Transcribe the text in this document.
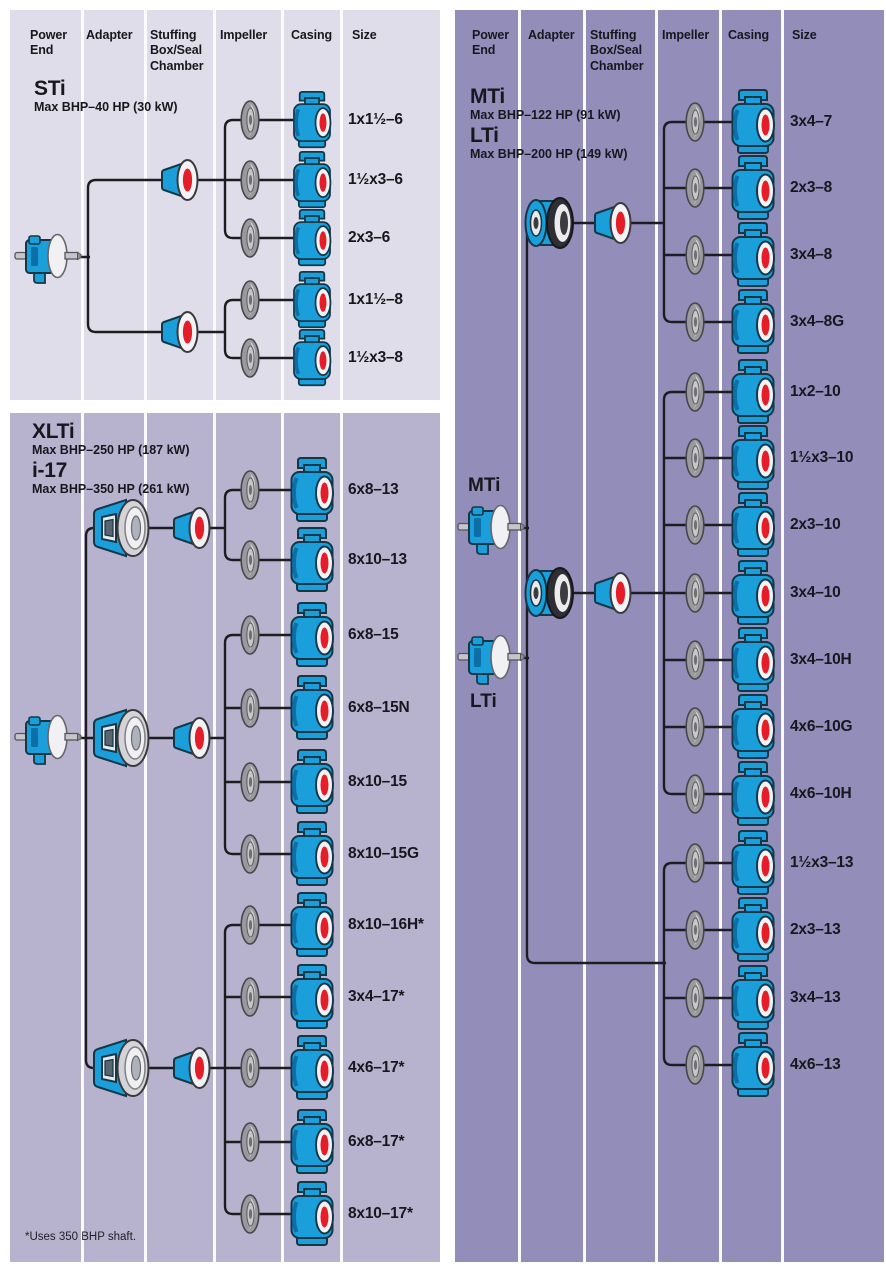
Power End
Adapter	Stuffing Box/Seal Chamber
Impeller	Casing	Size
STi
Max BHP–40 HP (30 kW)
1x1½–6
1½x3–6
2x3–6
1x1½–8
1½x3–8
XLTi
Max BHP–250 HP (187 kW)
i-17
Max BHP–350 HP (261 kW)	6x8–13
8x10–13
6x8–15
6x8–15N
8x10–15
8x10–15G
8x10–16H*
3x4–17*
4x6–17*
6x8–17*
8x10–17*
*Uses 350 BHP shaft.
Power End
Adapter	Stuffing Box/Seal Chamber
Impeller	Casing	Size
MTi
Max BHP–122 HP (91 kW)
LTi
Max BHP–200 HP (149 kW)
MTi
LTi
3x4–7
2x3–8
3x4–8
3x4–8G
1x2–10
1½x3–10
2x3–10
3x4–10
3x4–10H
4x6–10G
4x6–10H
1½x3–13
2x3–13
3x4–13
4x6–13
